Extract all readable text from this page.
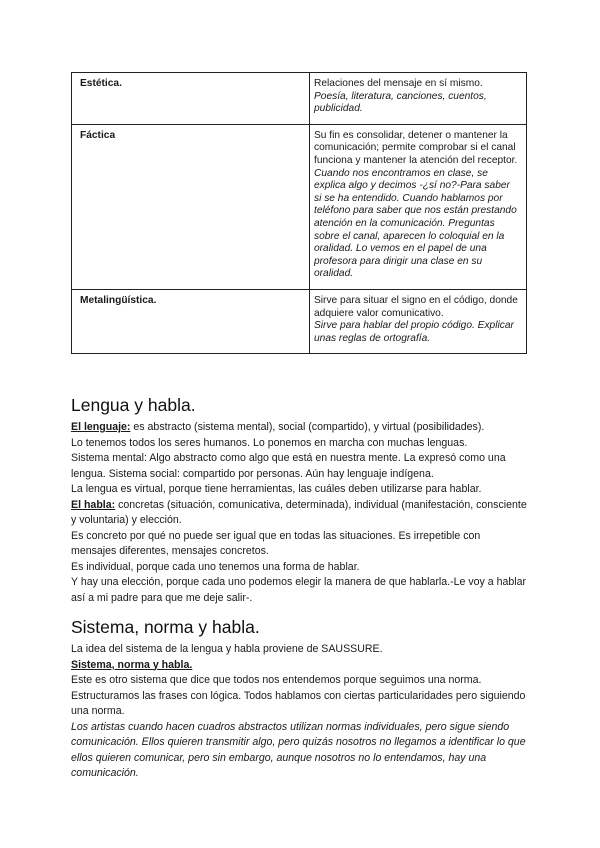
Estética.	Relaciones del mensaje en sí mismo.
Poesía, literatura, canciones, cuentos, publicidad.

Fáctica	Su fin es consolidar, detener o mantener la comunicación; permite comprobar si el canal funciona y mantener la atención del receptor.
Cuando nos encontramos en clase, se explica algo y decimos -¿sí no?-Para saber si se ha entendido. Cuando hablamos por teléfono para saber que nos están prestando atención en la comunicación. Preguntas sobre el canal, aparecen lo coloquial en la oralidad. Lo vemos en el papel de una profesora para dirigir una clase en su oralidad.

Metalingüística.	Sirve para situar el signo en el código, donde adquiere valor comunicativo.
Sirve para hablar del propio código. Explicar unas reglas de ortografía.
Lengua y habla.

El lenguaje: es abstracto (sistema mental), social (compartido), y virtual (posibilidades).

Lo tenemos todos los seres humanos. Lo ponemos en marcha con muchas lenguas.

Sistema mental: Algo abstracto como algo que está en nuestra mente. La expresó como una lengua. Sistema social: compartido por personas. Aún hay lenguaje indígena.

La lengua es virtual, porque tiene herramientas, las cuáles deben utilizarse para hablar.

El habla: concretas (situación, comunicativa, determinada), individual (manifestación, consciente y voluntaria) y elección.

Es concreto por qué no puede ser igual que en todas las situaciones. Es irrepetible con mensajes diferentes, mensajes concretos.

Es individual, porque cada uno tenemos una forma de hablar.

Y hay una elección, porque cada uno podemos elegir la manera de que hablarla.-Le voy a hablar así a mi padre para que me deje salir-.

Sistema, norma y habla.

La idea del sistema de la lengua y habla proviene de SAUSSURE.

Sistema, norma y habla.

Este es otro sistema que dice que todos nos entendemos porque seguimos una norma.

Estructuramos las frases con lógica. Todos hablamos con ciertas particularidades pero siguiendo una norma.

Los artistas cuando hacen cuadros abstractos utilizan normas individuales, pero sigue siendo comunicación. Ellos quieren transmitir algo, pero quizás nosotros no llegamos a identificar lo que ellos quieren comunicar, pero sin embargo, aunque nosotros no lo entendamos, hay una comunicación.
